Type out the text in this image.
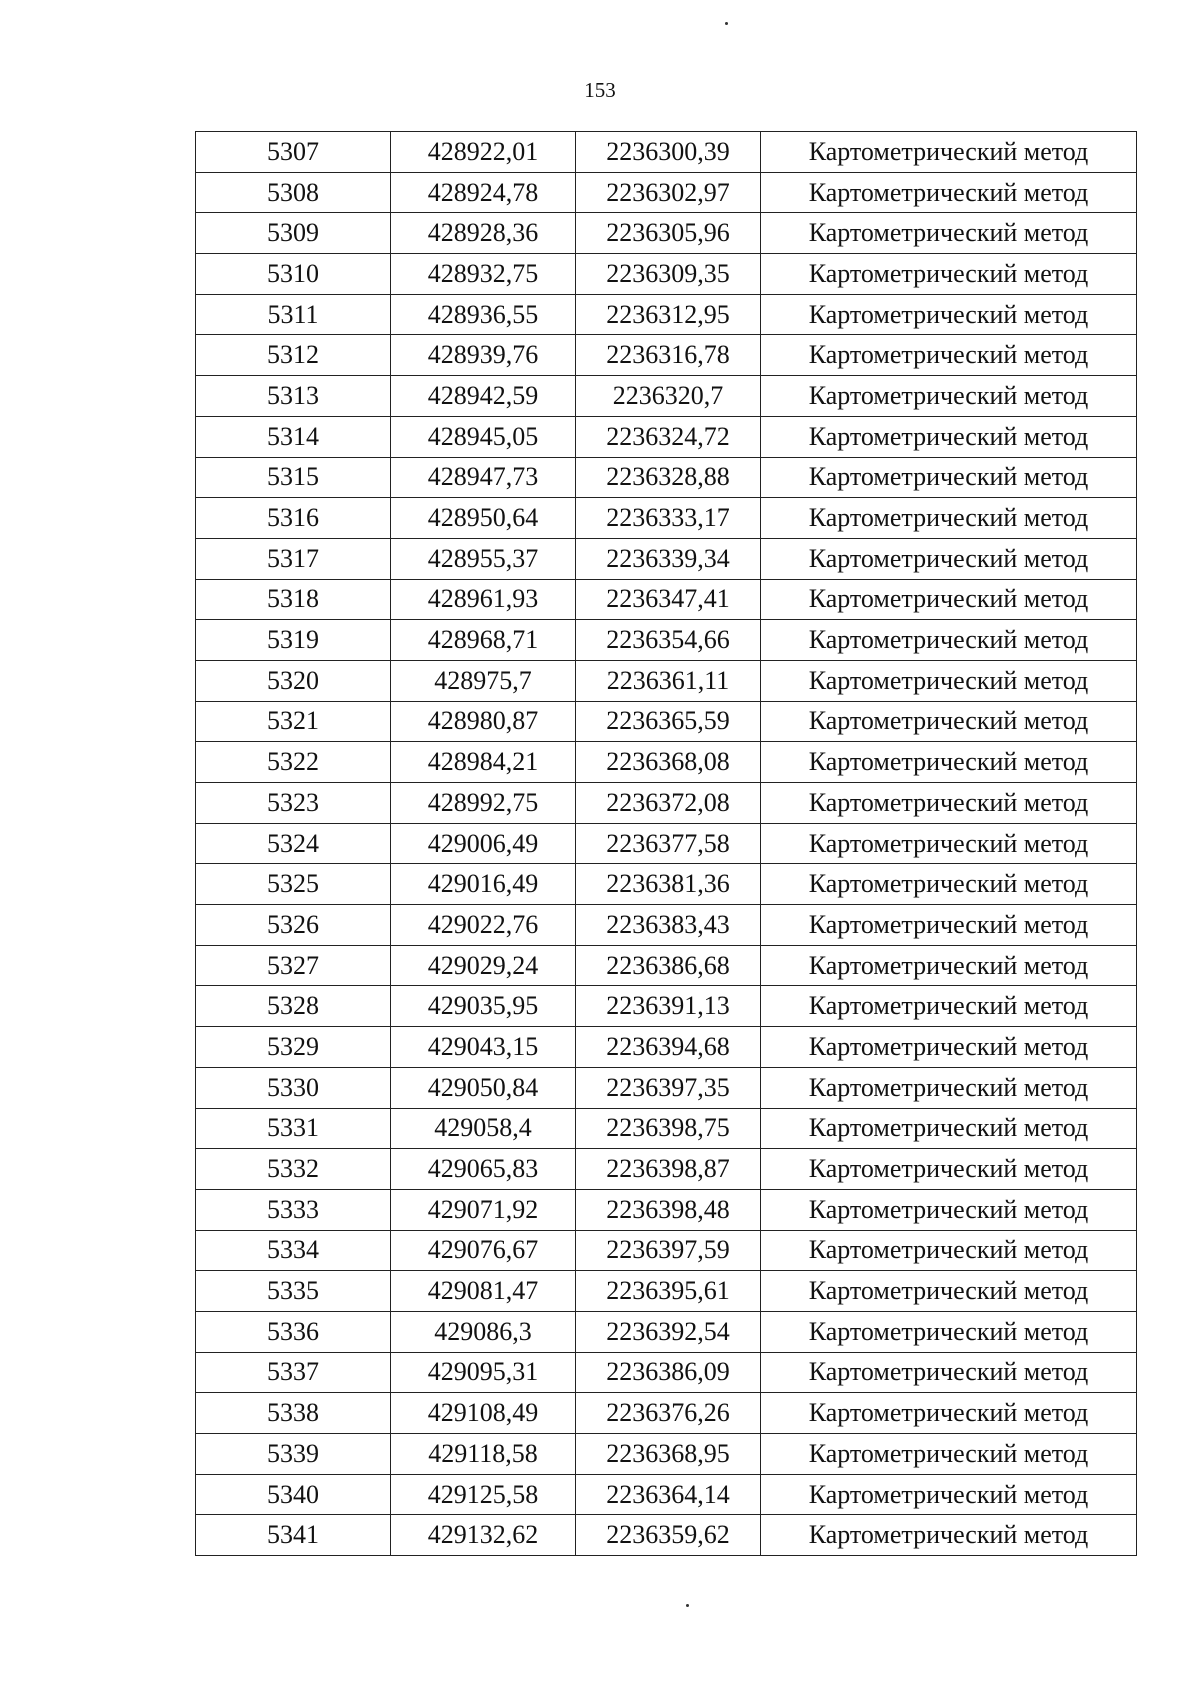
153
5307	428922,01	2236300,39	Картометрический метод
5308	428924,78	2236302,97	Картометрический метод
5309	428928,36	2236305,96	Картометрический метод
5310	428932,75	2236309,35	Картометрический метод
5311	428936,55	2236312,95	Картометрический метод
5312	428939,76	2236316,78	Картометрический метод
5313	428942,59	2236320,7	Картометрический метод
5314	428945,05	2236324,72	Картометрический метод
5315	428947,73	2236328,88	Картометрический метод
5316	428950,64	2236333,17	Картометрический метод
5317	428955,37	2236339,34	Картометрический метод
5318	428961,93	2236347,41	Картометрический метод
5319	428968,71	2236354,66	Картометрический метод
5320	428975,7	2236361,11	Картометрический метод
5321	428980,87	2236365,59	Картометрический метод
5322	428984,21	2236368,08	Картометрический метод
5323	428992,75	2236372,08	Картометрический метод
5324	429006,49	2236377,58	Картометрический метод
5325	429016,49	2236381,36	Картометрический метод
5326	429022,76	2236383,43	Картометрический метод
5327	429029,24	2236386,68	Картометрический метод
5328	429035,95	2236391,13	Картометрический метод
5329	429043,15	2236394,68	Картометрический метод
5330	429050,84	2236397,35	Картометрический метод
5331	429058,4	2236398,75	Картометрический метод
5332	429065,83	2236398,87	Картометрический метод
5333	429071,92	2236398,48	Картометрический метод
5334	429076,67	2236397,59	Картометрический метод
5335	429081,47	2236395,61	Картометрический метод
5336	429086,3	2236392,54	Картометрический метод
5337	429095,31	2236386,09	Картометрический метод
5338	429108,49	2236376,26	Картометрический метод
5339	429118,58	2236368,95	Картометрический метод
5340	429125,58	2236364,14	Картометрический метод
5341	429132,62	2236359,62	Картометрический метод
